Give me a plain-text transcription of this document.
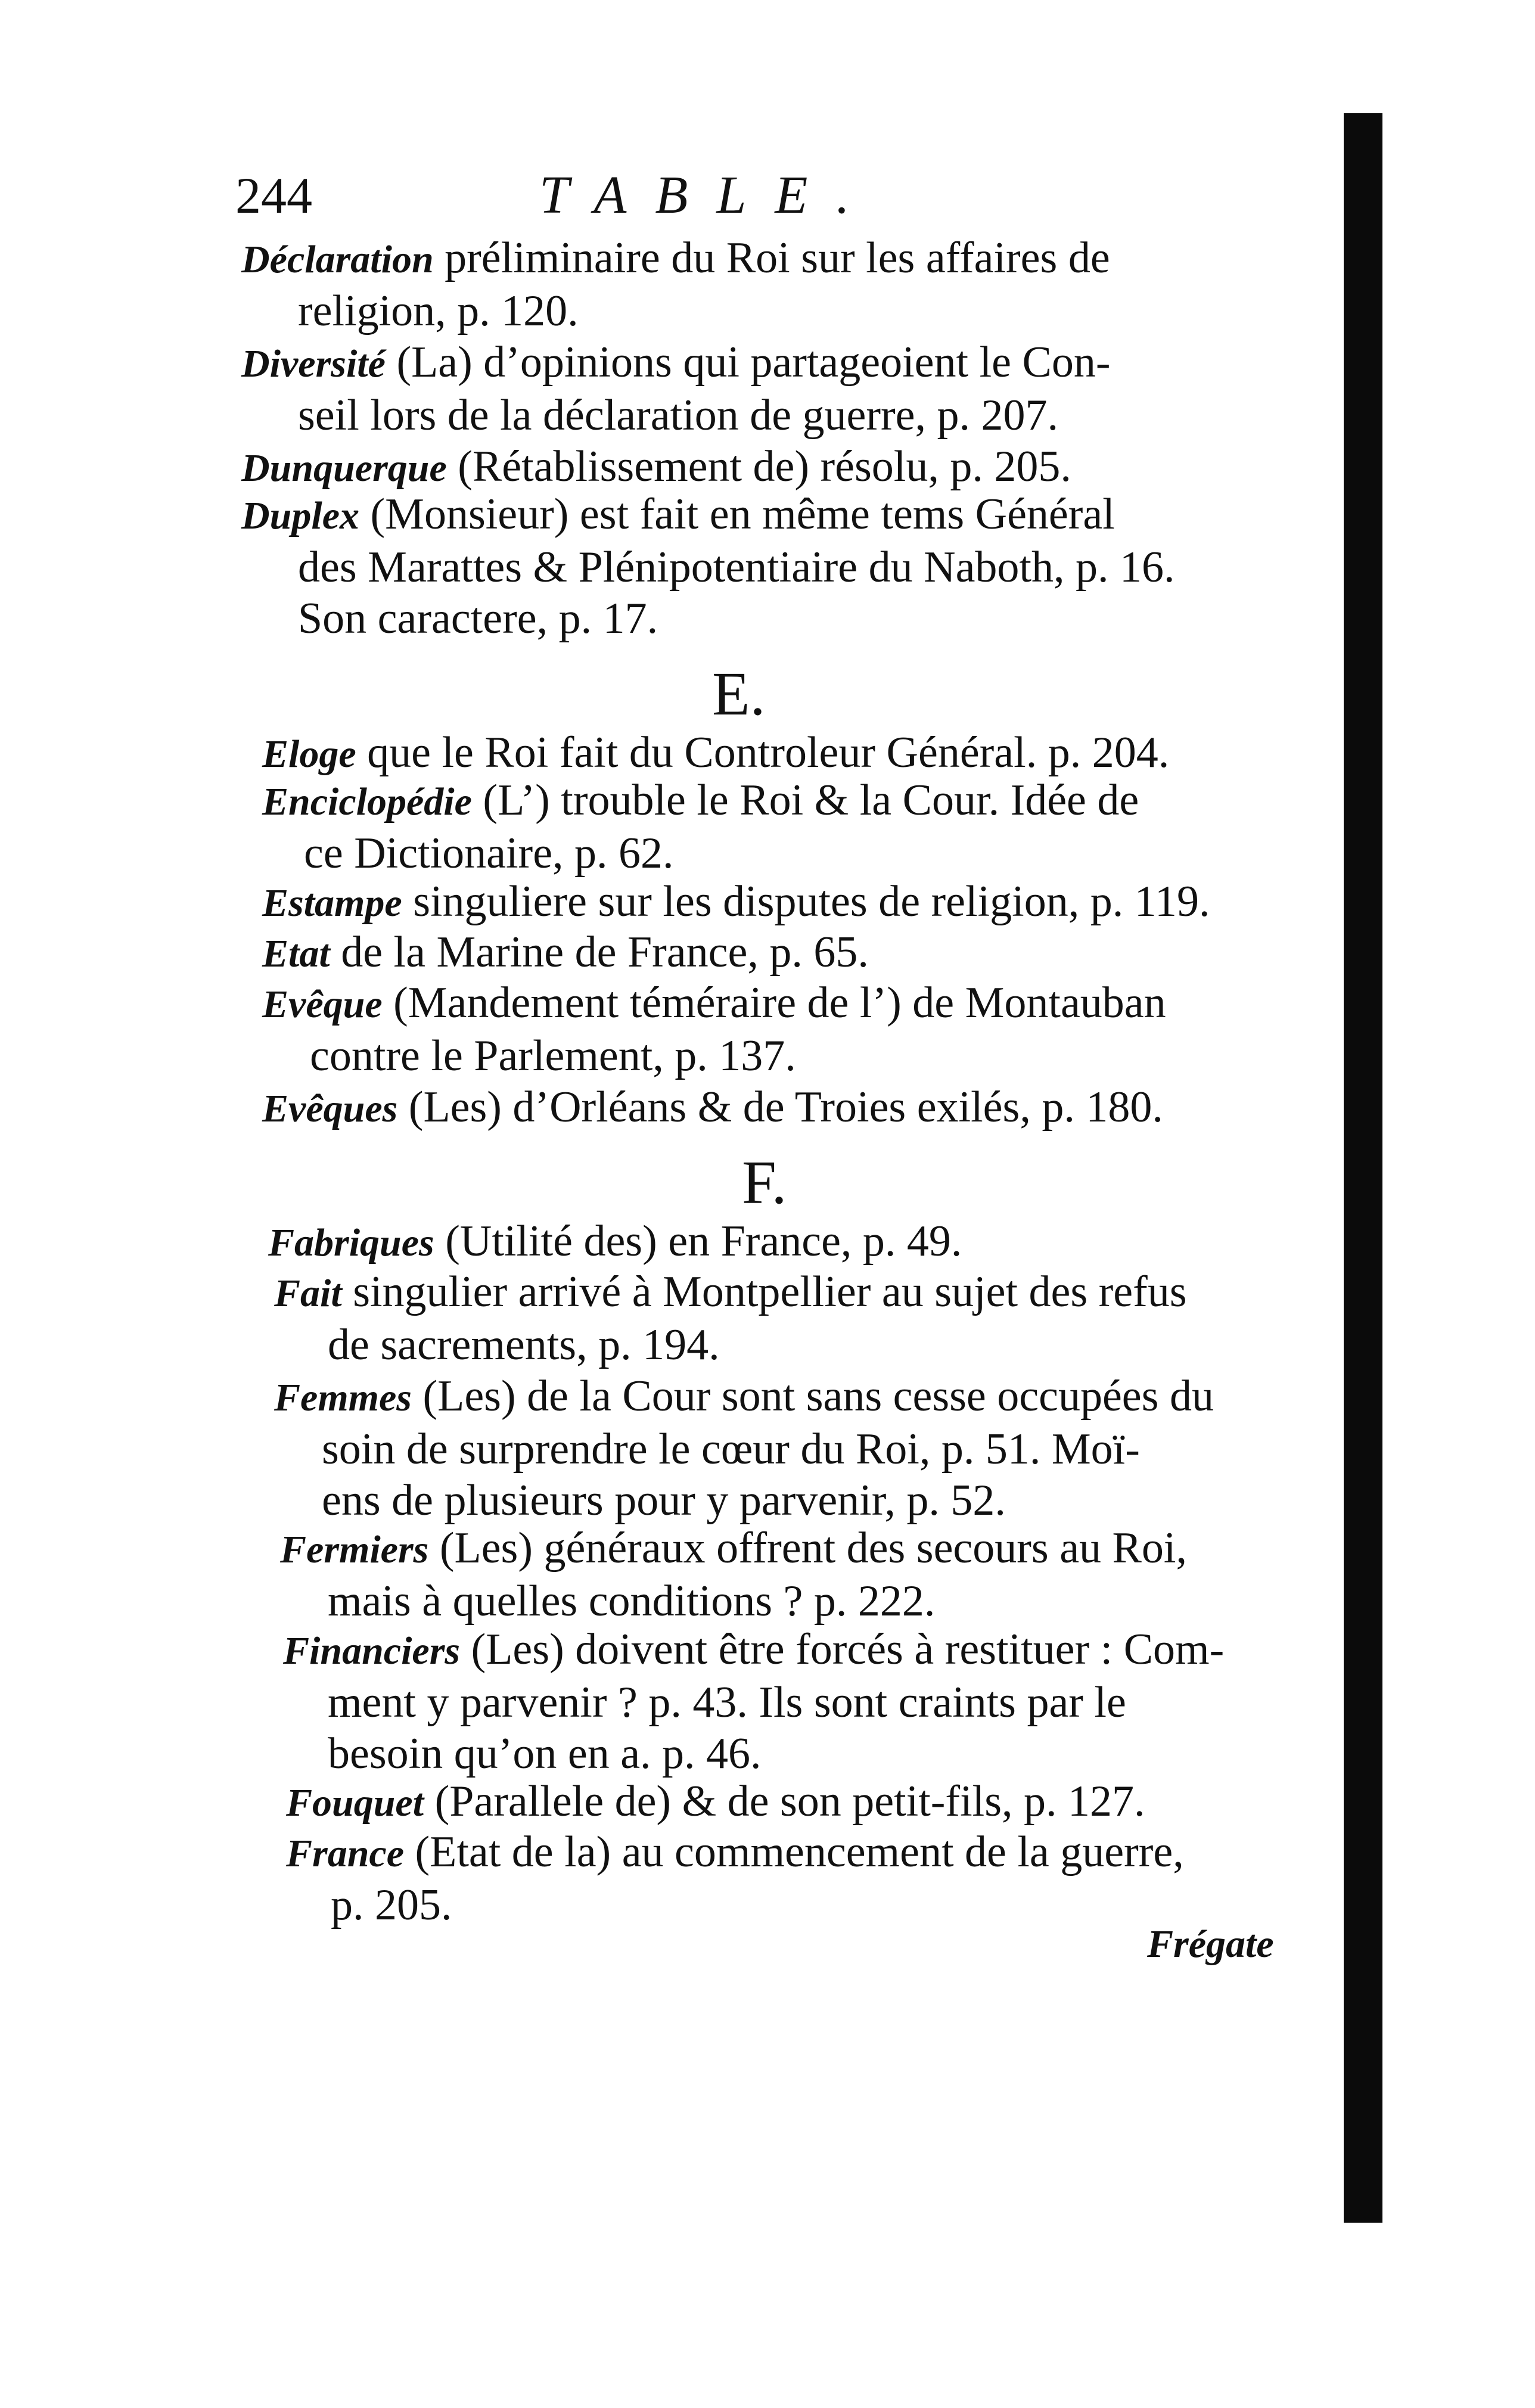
244	TABLE.
Déclaration préliminaire du Roi sur les affaires de
religion, p. 120.
Diversité (La) d’opinions qui partageoient le Con-
seil lors de la déclaration de guerre, p. 207.
Dunquerque (Rétablissement de) résolu, p. 205.
Duplex (Monsieur) est fait en même tems Général
des Marattes & Plénipotentiaire du Naboth, p. 16.
Son caractere, p. 17.
E.
Eloge que le Roi fait du Controleur Général. p. 204.
Enciclopédie (L’) trouble le Roi & la Cour. Idée de
ce Dictionaire, p. 62.
Estampe singuliere sur les disputes de religion, p. 119.
Etat de la Marine de France, p. 65.
Evêque (Mandement téméraire de l’) de Montauban
contre le Parlement, p. 137.
Evêques (Les) d’Orléans & de Troies exilés, p. 180.
F.
Fabriques (Utilité des) en France, p. 49.
Fait singulier arrivé à Montpellier au sujet des refus
de sacrements, p. 194.
Femmes (Les) de la Cour sont sans cesse occupées du
soin de surprendre le cœur du Roi, p. 51. Moï-
ens de plusieurs pour y parvenir, p. 52.
Fermiers (Les) généraux offrent des secours au Roi,
mais à quelles conditions ? p. 222.
Financiers (Les) doivent être forcés à restituer : Com-
ment y parvenir ? p. 43. Ils sont craints par le
besoin qu’on en a. p. 46.
Fouquet (Parallele de) & de son petit-fils, p. 127.
France (Etat de la) au commencement de la guerre,
p. 205.
Frégate
